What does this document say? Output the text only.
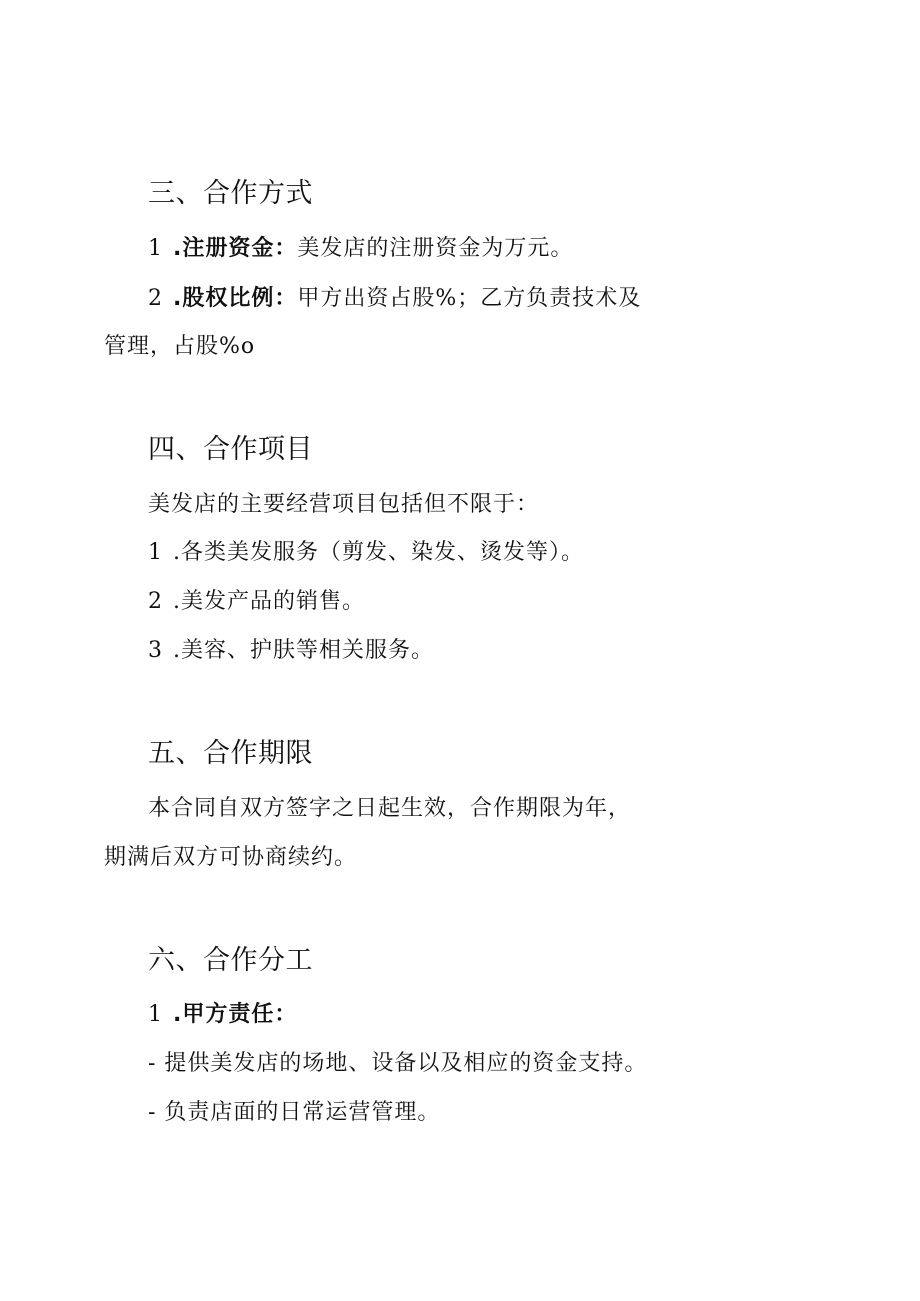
三、合作方式
1 .注册资金：美发店的注册资金为万元。
2 .股权比例：甲方出资占股%；乙方负责技术及
管理，占股%o
四、合作项目
美发店的主要经营项目包括但不限于：
1 .各类美发服务（剪发、染发、烫发等）。
2 .美发产品的销售。
3 .美容、护肤等相关服务。
五、合作期限
本合同自双方签字之日起生效，合作期限为年，
期满后双方可协商续约。
六、合作分工
1 .甲方责任：
- 提供美发店的场地、设备以及相应的资金支持。
- 负责店面的日常运营管理。
